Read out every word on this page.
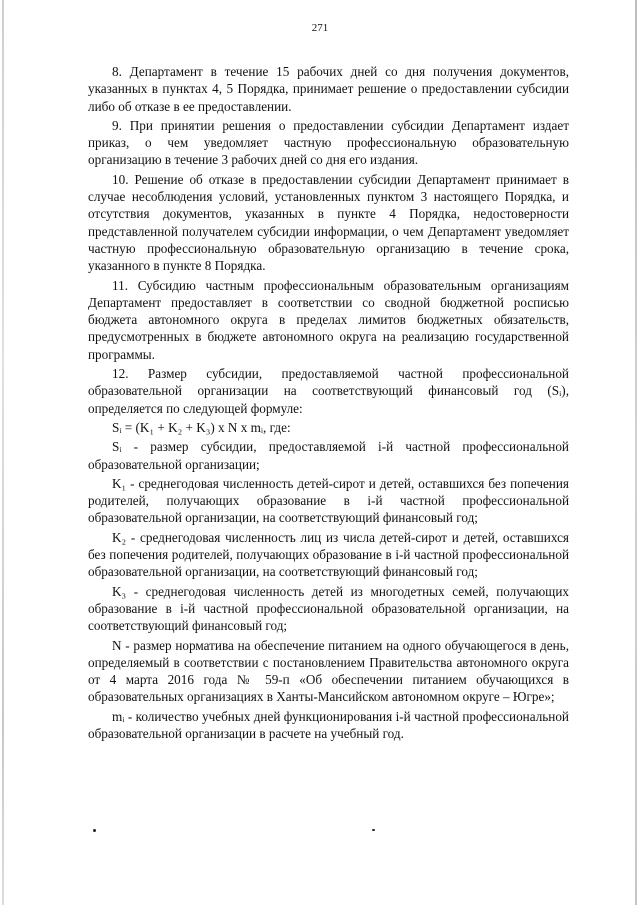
271

8. Департамент в течение 15 рабочих дней со дня получения документов, указанных в пунктах 4, 5 Порядка, принимает решение о предоставлении субсидии либо об отказе в ее предоставлении.

9. При принятии решения о предоставлении субсидии Департамент издает приказ, о чем уведомляет частную профессиональную образовательную организацию в течение 3 рабочих дней со дня его издания.

10. Решение об отказе в предоставлении субсидии Департамент принимает в случае несоблюдения условий, установленных пунктом 3 настоящего Порядка, и отсутствия документов, указанных в пункте 4 Порядка, недостоверности представленной получателем субсидии информации, о чем Департамент уведомляет частную профессиональную образовательную организацию в течение срока, указанного в пункте 8 Порядка.

11. Субсидию частным профессиональным образовательным организациям Департамент предоставляет в соответствии со сводной бюджетной росписью бюджета автономного округа в пределах лимитов бюджетных обязательств, предусмотренных в бюджете автономного округа на реализацию государственной программы.

12. Размер субсидии, предоставляемой частной профессиональной образовательной организации на соответствующий финансовый год (Sᵢ), определяется по следующей формуле:

Sᵢ = (K₁ + K₂ + K₃) x N x mᵢ, где:

Sᵢ - размер субсидии, предоставляемой i-й частной профессиональной образовательной организации;

K₁ - среднегодовая численность детей-сирот и детей, оставшихся без попечения родителей, получающих образование в i-й частной профессиональной образовательной организации, на соответствующий финансовый год;

K₂ - среднегодовая численность лиц из числа детей-сирот и детей, оставшихся без попечения родителей, получающих образование в i-й частной профессиональной образовательной организации, на соответствующий финансовый год;

K₃ - среднегодовая численность детей из многодетных семей, получающих образование в i-й частной профессиональной образовательной организации, на соответствующий финансовый год;

N - размер норматива на обеспечение питанием на одного обучающегося в день, определяемый в соответствии с постановлением Правительства автономного округа от 4 марта 2016 года № 59-п «Об обеспечении питанием обучающихся в образовательных организациях в Ханты-Мансийском автономном округе – Югре»;

mᵢ - количество учебных дней функционирования i-й частной профессиональной образовательной организации в расчете на учебный год.
